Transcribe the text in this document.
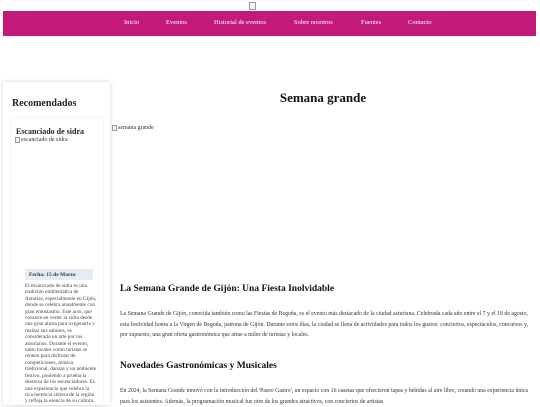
Inicio	Eventos	Historial de eventos	Sobre nosotros	Fuentes	Contacto
Recomendados
Escanciado de sidra
escanciado de sidra
Fecha: 15 de Marzo

El escanciado de sidra es una tradición emblemática de Asturias, especialmente en Gijón, donde se celebra anualmente con gran entusiasmo. Este acto, que consiste en verter la sidra desde una gran altura para oxigenarla y realzar sus sabores, es considerado un arte por los asturianos. Durante el evento, tanto locales como turistas se reúnen para disfrutar de competiciones, música tradicional, danzas y un ambiente festivo, poniendo a prueba la destreza de los escanciadores. Es una experiencia que celebra la rica herencia sidrera de la región y refleja la esencia de su cultura.

Semana grande
semana grande
La Semana Grande de Gijón: Una Fiesta Inolvidable

La Semana Grande de Gijón, conocida también como las Fiestas de Begoña, es el evento más destacado de la ciudad asturiana. Celebrada cada año entre el 7 y el 18 de agosto, esta festividad honra a la Virgen de Begoña, patrona de Gijón. Durante estos días, la ciudad se llena de actividades para todos los gustos: conciertos, espectáculos, concursos y, por supuesto, una gran oferta gastronómica que atrae a miles de turistas y locales.

Novedades Gastronómicas y Musicales

En 2024, la Semana Grande innovó con la introducción del 'Paseo Gastro', un espacio con 16 casetas que ofrecieron tapas y bebidas al aire libre, creando una experiencia única para los asistentes. Además, la programación musical fue otro de los grandes atractivos, con conciertos de artistas
